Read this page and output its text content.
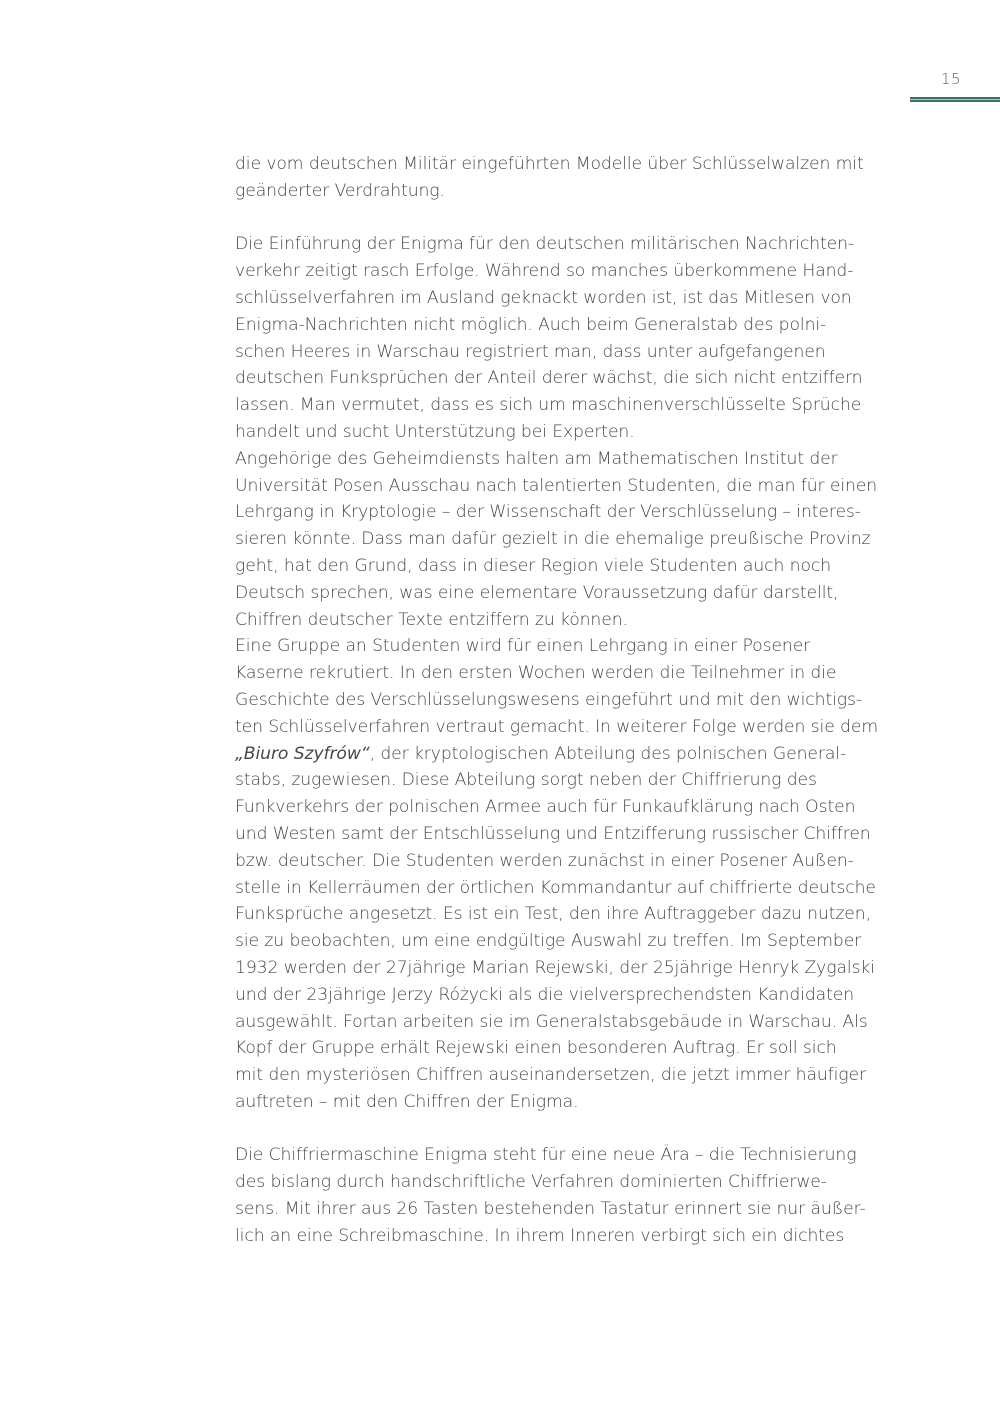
15
die vom deutschen Militär eingeführten Modelle über Schlüsselwalzen mit
geänderter Verdrahtung.
Die Einführung der Enigma für den deutschen militärischen Nachrichten-
verkehr zeitigt rasch Erfolge. Während so manches überkommene Hand-
schlüsselverfahren im Ausland geknackt worden ist, ist das Mitlesen von
Enigma-Nachrichten nicht möglich. Auch beim Generalstab des polni-
schen Heeres in Warschau registriert man, dass unter aufgefangenen
deutschen Funksprüchen der Anteil derer wächst, die sich nicht entziffern
lassen. Man vermutet, dass es sich um maschinenverschlüsselte Sprüche
handelt und sucht Unterstützung bei Experten.
Angehörige des Geheimdiensts halten am Mathematischen Institut der
Universität Posen Ausschau nach talentierten Studenten, die man für einen
Lehrgang in Kryptologie – der Wissenschaft der Verschlüsselung – interes-
sieren könnte. Dass man dafür gezielt in die ehemalige preußische Provinz
geht, hat den Grund, dass in dieser Region viele Studenten auch noch
Deutsch sprechen, was eine elementare Voraussetzung dafür darstellt,
Chiffren deutscher Texte entziffern zu können.
Eine Gruppe an Studenten wird für einen Lehrgang in einer Posener
Kaserne rekrutiert. In den ersten Wochen werden die Teilnehmer in die
Geschichte des Verschlüsselungswesens eingeführt und mit den wichtigs-
ten Schlüsselverfahren vertraut gemacht. In weiterer Folge werden sie dem
„Biuro Szyfrów“, der kryptologischen Abteilung des polnischen General-
stabs, zugewiesen. Diese Abteilung sorgt neben der Chiffrierung des
Funkverkehrs der polnischen Armee auch für Funkaufklärung nach Osten
und Westen samt der Entschlüsselung und Entzifferung russischer Chiffren
bzw. deutscher. Die Studenten werden zunächst in einer Posener Außen-
stelle in Kellerräumen der örtlichen Kommandantur auf chiffrierte deutsche
Funksprüche angesetzt. Es ist ein Test, den ihre Auftraggeber dazu nutzen,
sie zu beobachten, um eine endgültige Auswahl zu treffen. Im September
1932 werden der 27jährige Marian Rejewski, der 25jährige Henryk Zygalski
und der 23jährige Jerzy Różycki als die vielversprechendsten Kandidaten
ausgewählt. Fortan arbeiten sie im Generalstabsgebäude in Warschau. Als
Kopf der Gruppe erhält Rejewski einen besonderen Auftrag. Er soll sich
mit den mysteriösen Chiffren auseinandersetzen, die jetzt immer häufiger
auftreten – mit den Chiffren der Enigma.
Die Chiffriermaschine Enigma steht für eine neue Ära – die Technisierung
des bislang durch handschriftliche Verfahren dominierten Chiffrierwe-
sens. Mit ihrer aus 26 Tasten bestehenden Tastatur erinnert sie nur äußer-
lich an eine Schreibmaschine. In ihrem Inneren verbirgt sich ein dichtes
